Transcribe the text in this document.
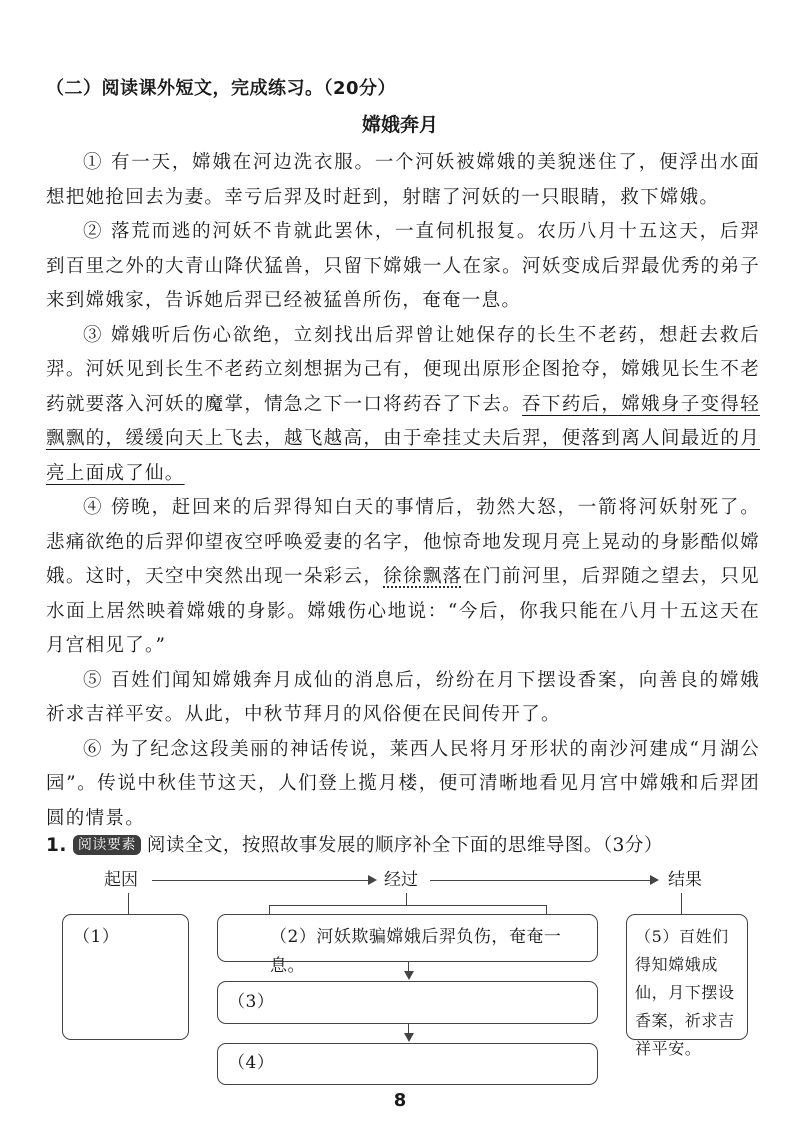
（二）阅读课外短文，完成练习。（20分）
嫦娥奔月

① 有一天，嫦娥在河边洗衣服。一个河妖被嫦娥的美貌迷住了，便浮出水面想把她抢回去为妻。幸亏后羿及时赶到，射瞎了河妖的一只眼睛，救下嫦娥。

② 落荒而逃的河妖不肯就此罢休，一直伺机报复。农历八月十五这天，后羿到百里之外的大青山降伏猛兽，只留下嫦娥一人在家。河妖变成后羿最优秀的弟子来到嫦娥家，告诉她后羿已经被猛兽所伤，奄奄一息。

③ 嫦娥听后伤心欲绝，立刻找出后羿曾让她保存的长生不老药，想赶去救后羿。河妖见到长生不老药立刻想据为己有，便现出原形企图抢夺，嫦娥见长生不老药就要落入河妖的魔掌，情急之下一口将药吞了下去。吞下药后，嫦娥身子变得轻飘飘的，缓缓向天上飞去，越飞越高，由于牵挂丈夫后羿，便落到离人间最近的月亮上面成了仙。

④ 傍晚，赶回来的后羿得知白天的事情后，勃然大怒，一箭将河妖射死了。悲痛欲绝的后羿仰望夜空呼唤爱妻的名字，他惊奇地发现月亮上晃动的身影酷似嫦娥。这时，天空中突然出现一朵彩云，徐徐飘落在门前河里，后羿随之望去，只见水面上居然映着嫦娥的身影。嫦娥伤心地说：“今后，你我只能在八月十五这天在月宫相见了。”

⑤ 百姓们闻知嫦娥奔月成仙的消息后，纷纷在月下摆设香案，向善良的嫦娥祈求吉祥平安。从此，中秋节拜月的风俗便在民间传开了。

⑥ 为了纪念这段美丽的神话传说，莱西人民将月牙形状的南沙河建成“月湖公园”。传说中秋佳节这天，人们登上揽月楼，便可清晰地看见月宫中嫦娥和后羿团圆的情景。

1. 阅读要素 阅读全文，按照故事发展的顺序补全下面的思维导图。（3分）
起因	经过	结果
（1）	（2）河妖欺骗嫦娥后羿负伤，奄奄一息。
（3）
（4）
（5）百姓们得知嫦娥成仙，月下摆设香案，祈求吉祥平安。
8
